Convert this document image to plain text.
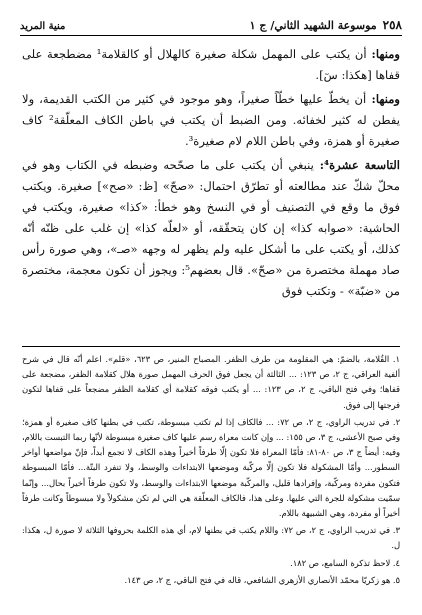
٢٥٨
موسوعة الشهيد الثاني/ ج ١
منية المريد

ومنها: أن يكتب على المهمل شكلة صغيرة كالهلال أو كالقلامة¹ مضطجعة على قفاها [هكذا: سٓ].

ومنها: أن يخطّ عليها خطّاً صغيراً، وهو موجود في كثير من الكتب القديمة، ولا يفطن له كثير لخفائه. ومن الضبط أن يكتب في باطن الكاف المعلّقة² كاف صغيرة أو همزة، وفي باطن اللام لام صغيرة³.

التاسعة عشرة⁴: ينبغي أن يكتب على ما صحّحه وضبطه في الكتاب وهو في محلّ شكّ عند مطالعته أو تطرّق احتمال: «صحّ» [ظ: «صح»] صغيرة. ويكتب فوق ما وقع في التصنيف أو في النسخ وهو خطأ: «كذا» صغيرة، ويكتب في الحاشية: «صوابه كذا» إن كان يتحقّقه، أو «لعلّه كذا» إن غلب على ظنّه أنّه كذلك، أو يكتب على ما أشكل عليه ولم يظهر له وجهه «صـ»، وهي صورة رأس صاد مهملة مختصرة من «صحّ». قال بعضهم⁵: ويجوز أن تكون معجمة، مختصرة من «ضبّة» - وتكتب فوق

١. القُلامة، بالضمّ: هي المقلومة من طرف الظفر. المصباح المنير، ص ٦٢٣، «قلم». اعلم أنّه قال في شرح ألفية العراقي، ج ٢، ص ١٢٣: ... الثالثة أن يجعل فوق الحرف المهمل صورة هلال كقلامة الظفر، مضجعة على قفاها؛ وفي فتح الباقي، ج ٢، ص ١٢٣: ... أو يكتب فوقه كقلامة أي كقلامة الظفر مضجعاً على قفاها لتكون فرجتها إلى فوق.

٢. في تدريب الراوي، ج ٢، ص ٧٢: ... فالكاف إذا لم تكتب مبسوطة، تكتب في بطنها كاف صغيرة أو همزة؛ وفي صبح الأعشى، ج ٣، ص ١٥٥: ... وإن كانت معراة رسم عليها كاف صغيرة مبسوطة لأنّها ربما التبست باللام، وفيه: أيضاً ج ٣، ص ٨٠-٨١: فأمّا المعراة فلا تكون إلّا طرفاً أخيراً وهذه الكاف لا تجمع أبداً، فإنّ مواضعها أواخر السطور... وأمّا المشكولة فلا تكون إلّا مركّبة وموضعها الابتداءات والوسط، ولا تنفرد البتّة... فأمّا المبسوطة فتكون مفردة ومركّبة، وإفرادها قليل، والمركّبة موضعها الابتداءات والوسط، ولا تكون طرفاً أخيراً بحال... وإنّما سمّيت مشكولة للجرة التي عليها. وعلى هذا، فالكاف المعلّقة هي التي لم تكن مشكولاً ولا مبسوطاً وكانت طرفاً أخيراً أو مفردة، وهي الشبيهة باللام.

٣. في تدريب الراوي، ج ٢، ص ٧٢: واللام يكتب في بطنها لام، أي هذه الكلمة بحروفها الثلاثة لا صورة ل، هكذا: ل.

٤. لاحظ تذكرة السامع، ص ١٨٢.

٥. هو زكريّا محمّد الأنصاري الأزهري الشافعي، قاله في فتح الباقي، ج ٢، ص ١٤٣.
